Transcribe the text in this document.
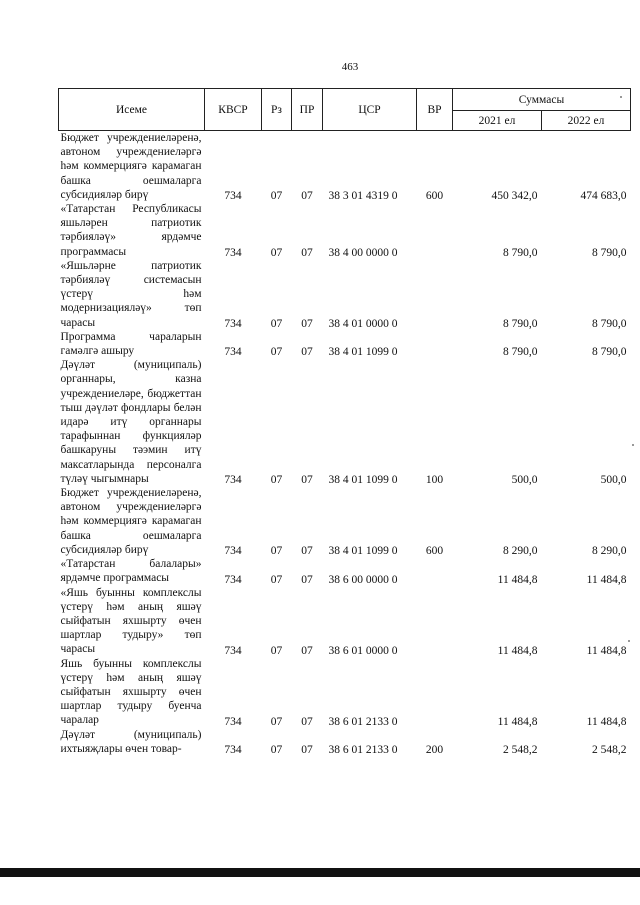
463
Исеме	КВСР	Рз	ПР	ЦСР	ВР	Суммасы	
						2021 ел	2022 ел
Бюджет учреждениеләренә, автоном учреждениеләргә һәм коммерциягә карамаган башка оешмаларга субсидияләр бирү	734	07	07	38 3 01 4319 0	600	450 342,0	474 683,0
«Татарстан Республикасы яшьләрен патриотик тәрбияләү» ярдәмче программасы	734	07	07	38 4 00 0000 0		8 790,0	8 790,0
«Яшьләрне патриотик тәрбияләү системасын үстерү һәм модернизацияләү» төп чарасы	734	07	07	38 4 01 0000 0		8 790,0	8 790,0
Программа чараларын гамәлгә ашыру	734	07	07	38 4 01 1099 0		8 790,0	8 790,0
Дәүләт (муниципаль) органнары, казна учреждениеләре, бюджеттан тыш дәүләт фондлары белән идарә итү органнары тарафыннан функцияләр башкаруны тәэмин итү максатларында персоналга түләү чыгымнары	734	07	07	38 4 01 1099 0	100	500,0	500,0
Бюджет учреждениеләренә, автоном учреждениеләргә һәм коммерциягә карамаган башка оешмаларга субсидияләр бирү	734	07	07	38 4 01 1099 0	600	8 290,0	8 290,0
«Татарстан балалары» ярдәмче программасы	734	07	07	38 6 00 0000 0		11 484,8	11 484,8
«Яшь буынны комплекслы үстерү һәм аның яшәү сыйфатын яхшырту өчен шартлар тудыру» төп чарасы	734	07	07	38 6 01 0000 0		11 484,8	11 484,8
Яшь буынны комплекслы үстерү һәм аның яшәү сыйфатын яхшырту өчен шартлар тудыру буенча чаралар	734	07	07	38 6 01 2133 0		11 484,8	11 484,8
Дәүләт (муниципаль) ихтыяҗлары өчен товар-	734	07	07	38 6 01 2133 0	200	2 548,2	2 548,2
